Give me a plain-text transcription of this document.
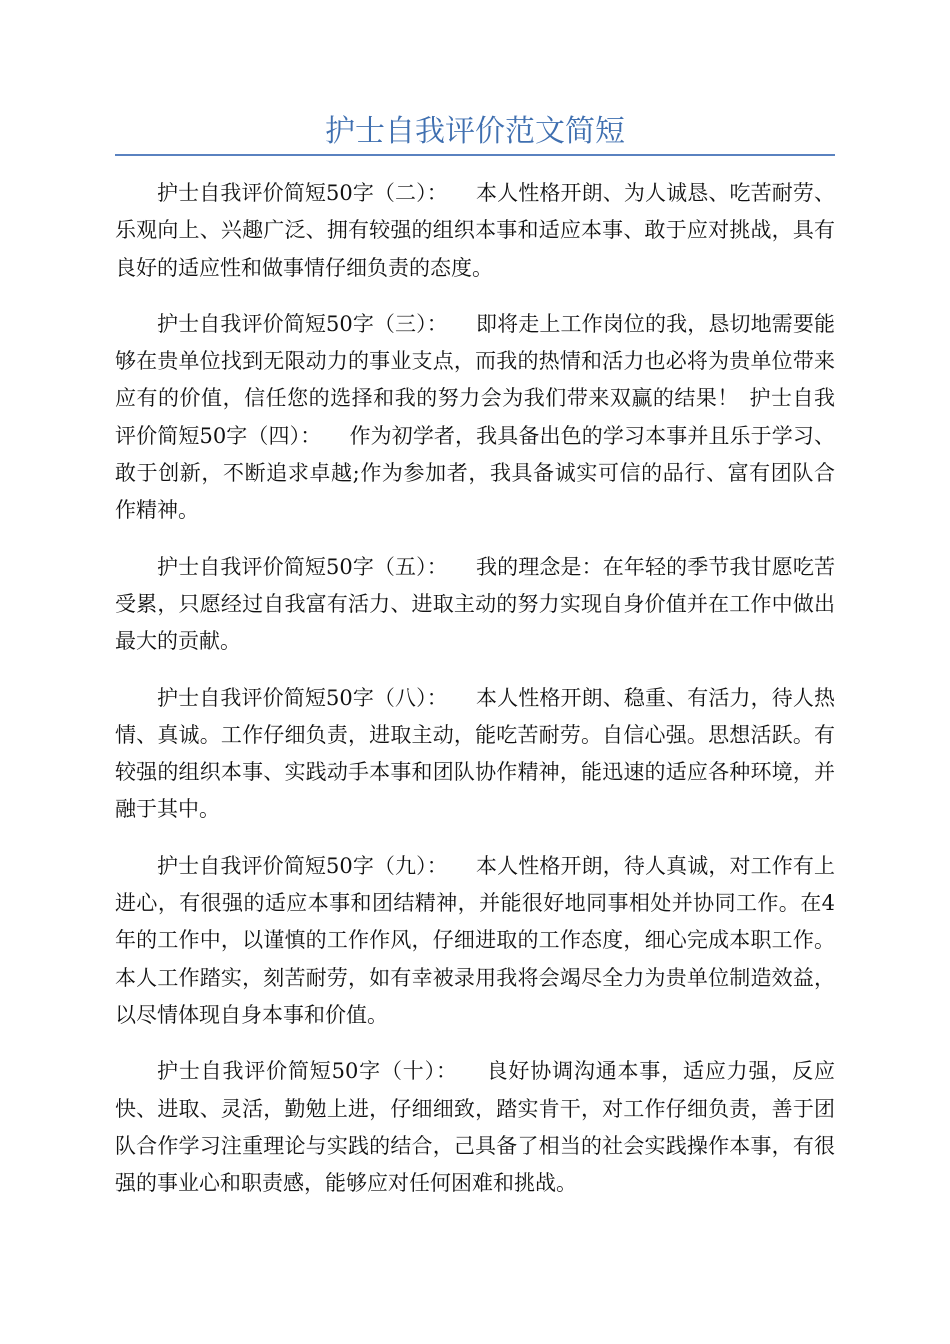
护士自我评价范文简短

护士自我评价简短50字（二）： 本人性格开朗、为人诚恳、吃苦耐劳、乐观向上、兴趣广泛、拥有较强的组织本事和适应本事、敢于应对挑战，具有良好的适应性和做事情仔细负责的态度。

护士自我评价简短50字（三）： 即将走上工作岗位的我，恳切地需要能够在贵单位找到无限动力的事业支点，而我的热情和活力也必将为贵单位带来应有的价值，信任您的选择和我的努力会为我们带来双赢的结果！ 护士自我评价简短50字（四）： 作为初学者，我具备出色的学习本事并且乐于学习、敢于创新，不断追求卓越;作为参加者，我具备诚实可信的品行、富有团队合作精神。

护士自我评价简短50字（五）： 我的理念是：在年轻的季节我甘愿吃苦受累，只愿经过自我富有活力、进取主动的努力实现自身价值并在工作中做出最大的贡献。

护士自我评价简短50字（八）： 本人性格开朗、稳重、有活力，待人热情、真诚。工作仔细负责，进取主动，能吃苦耐劳。自信心强。思想活跃。有较强的组织本事、实践动手本事和团队协作精神，能迅速的适应各种环境，并融于其中。

护士自我评价简短50字（九）： 本人性格开朗，待人真诚，对工作有上进心，有很强的适应本事和团结精神，并能很好地同事相处并协同工作。在4年的工作中，以谨慎的工作作风，仔细进取的工作态度，细心完成本职工作。本人工作踏实，刻苦耐劳，如有幸被录用我将会竭尽全力为贵单位制造效益，以尽情体现自身本事和价值。

护士自我评价简短50字（十）： 良好协调沟通本事，适应力强，反应快、进取、灵活，勤勉上进，仔细细致，踏实肯干，对工作仔细负责，善于团队合作学习注重理论与实践的结合，己具备了相当的社会实践操作本事，有很强的事业心和职责感，能够应对任何困难和挑战。
